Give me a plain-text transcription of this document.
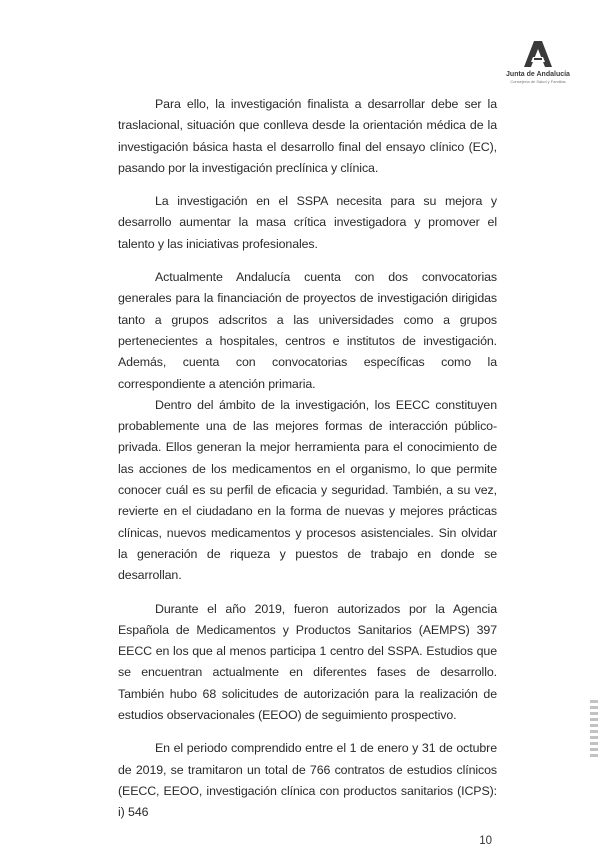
Junta de Andalucía
Consejería de Salud y Familias

Para ello, la investigación finalista a desarrollar debe ser la traslacional, situación que conlleva desde la orientación médica de la investigación básica hasta el desarrollo final del ensayo clínico (EC), pasando por la investigación preclínica y clínica.

La investigación en el SSPA necesita para su mejora y desarrollo aumentar la masa crítica investigadora y promover el talento y las iniciativas profesionales.

Actualmente Andalucía cuenta con dos convocatorias generales para la financiación de proyectos de investigación dirigidas tanto a grupos adscritos a las universidades como a grupos pertenecientes a hospitales, centros e institutos de investigación. Además, cuenta con convocatorias específicas como la correspondiente a atención primaria.

Dentro del ámbito de la investigación, los EECC constituyen probablemente una de las mejores formas de interacción público-privada. Ellos generan la mejor herramienta para el conocimiento de las acciones de los medicamentos en el organismo, lo que permite conocer cuál es su perfil de eficacia y seguridad. También, a su vez, revierte en el ciudadano en la forma de nuevas y mejores prácticas clínicas, nuevos medicamentos y procesos asistenciales. Sin olvidar la generación de riqueza y puestos de trabajo en donde se desarrollan.

Durante el año 2019, fueron autorizados por la Agencia Española de Medicamentos y Productos Sanitarios (AEMPS) 397 EECC en los que al menos participa 1 centro del SSPA. Estudios que se encuentran actualmente en diferentes fases de desarrollo. También hubo 68 solicitudes de autorización para la realización de estudios observacionales (EEOO) de seguimiento prospectivo.

En el periodo comprendido entre el 1 de enero y 31 de octubre de 2019, se tramitaron un total de 766 contratos de estudios clínicos (EECC, EEOO, investigación clínica con productos sanitarios (ICPS): i) 546

10
